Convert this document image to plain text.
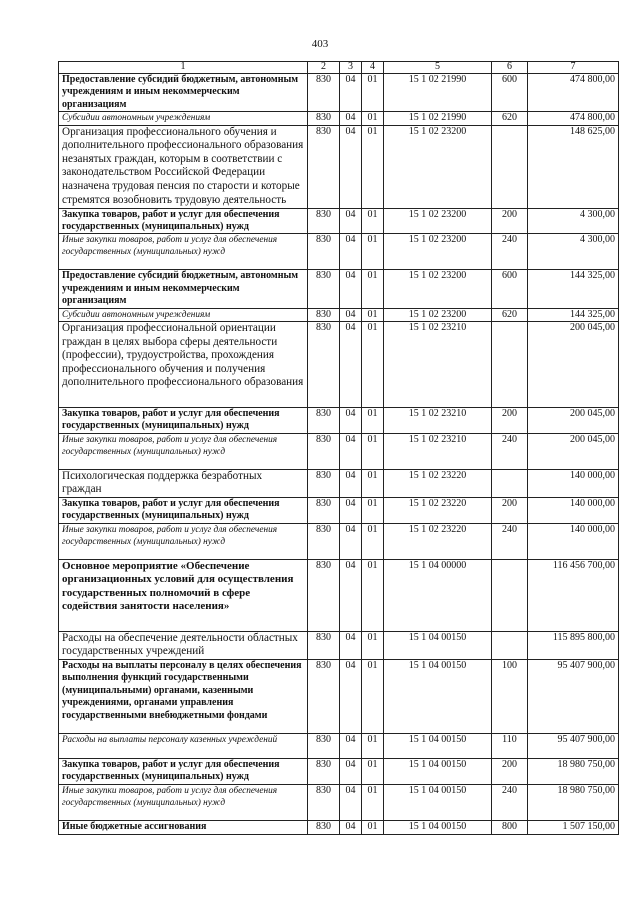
403
1	2	3	4	5	6	7
Предоставление субсидий бюджетным, автономным учреждениям и иным некоммерческим организациям	830	04	01	15 1 02 21990	600	474 800,00
Субсидии автономным учреждениям	830	04	01	15 1 02 21990	620	474 800,00
Организация профессионального обучения и дополнительного профессионального образования незанятых граждан, которым в соответствии с законодательством Российской Федерации назначена трудовая пенсия по старости и которые стремятся возобновить трудовую деятельность	830	04	01	15 1 02 23200		148 625,00
Закупка товаров, работ и услуг для обеспечения государственных (муниципальных) нужд	830	04	01	15 1 02 23200	200	4 300,00
Иные закупки товаров, работ и услуг для обеспечения государственных (муниципальных) нужд	830	04	01	15 1 02 23200	240	4 300,00
Предоставление субсидий бюджетным, автономным учреждениям и иным некоммерческим организациям	830	04	01	15 1 02 23200	600	144 325,00
Субсидии автономным учреждениям	830	04	01	15 1 02 23200	620	144 325,00
Организация профессиональной ориентации граждан в целях выбора сферы деятельности (профессии), трудоустройства, прохождения профессионального обучения и получения дополнительного профессионального образования	830	04	01	15 1 02 23210		200 045,00
Закупка товаров, работ и услуг для обеспечения государственных (муниципальных) нужд	830	04	01	15 1 02 23210	200	200 045,00
Иные закупки товаров, работ и услуг для обеспечения государственных (муниципальных) нужд	830	04	01	15 1 02 23210	240	200 045,00
Психологическая поддержка безработных граждан	830	04	01	15 1 02 23220		140 000,00
Закупка товаров, работ и услуг для обеспечения государственных (муниципальных) нужд	830	04	01	15 1 02 23220	200	140 000,00
Иные закупки товаров, работ и услуг для обеспечения государственных (муниципальных) нужд	830	04	01	15 1 02 23220	240	140 000,00
Основное мероприятие «Обеспечение организационных условий для осуществления государственных полномочий в сфере содействия занятости населения»	830	04	01	15 1 04 00000		116 456 700,00
Расходы на обеспечение деятельности областных государственных учреждений	830	04	01	15 1 04 00150		115 895 800,00
Расходы на выплаты персоналу в целях обеспечения выполнения функций государственными (муниципальными) органами, казенными учреждениями, органами управления государственными внебюджетными фондами	830	04	01	15 1 04 00150	100	95 407 900,00
Расходы на выплаты персоналу казенных учреждений	830	04	01	15 1 04 00150	110	95 407 900,00
Закупка товаров, работ и услуг для обеспечения государственных (муниципальных) нужд	830	04	01	15 1 04 00150	200	18 980 750,00
Иные закупки товаров, работ и услуг для обеспечения государственных (муниципальных) нужд	830	04	01	15 1 04 00150	240	18 980 750,00
Иные бюджетные ассигнования	830	04	01	15 1 04 00150	800	1 507 150,00
